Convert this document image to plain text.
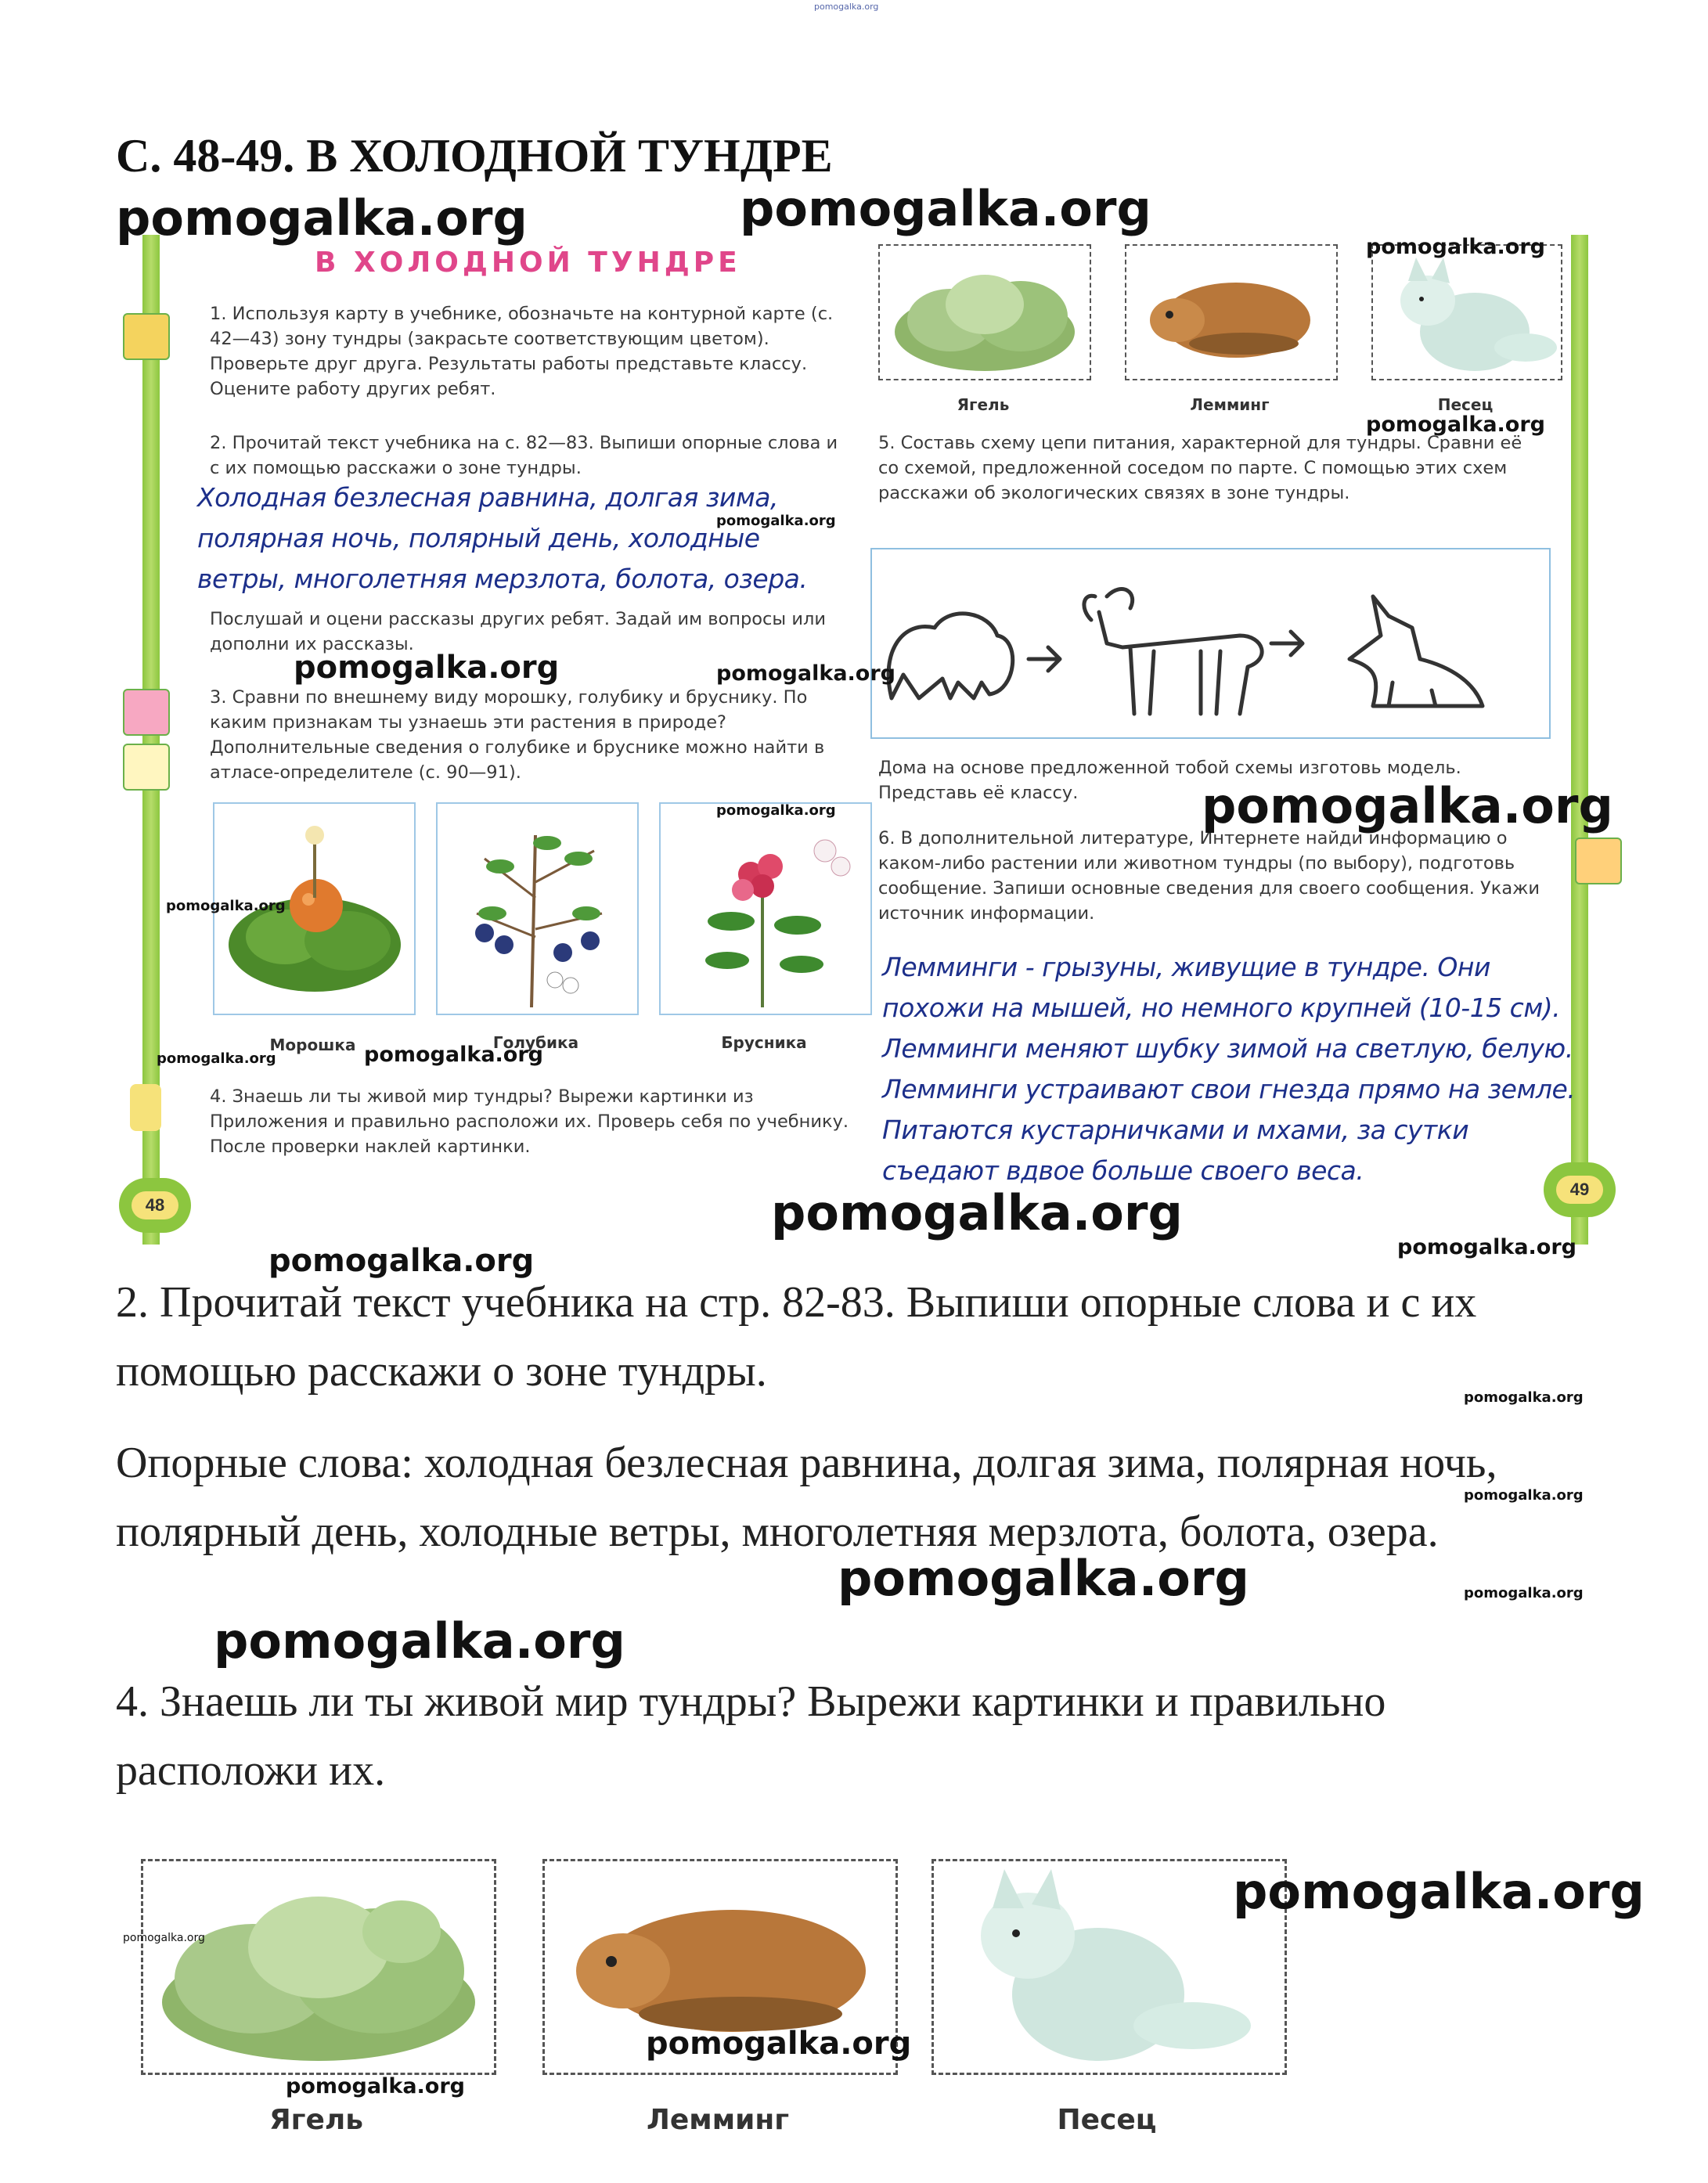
pomogalka.org
С. 48-49. В ХОЛОДНОЙ ТУНДРЕ
В ХОЛОДНОЙ ТУНДРЕ
1. Используя карту в учебнике, обозначьте на контурной карте (с. 42—43) зону тундры (закрасьте соответствующим цветом). Проверьте друг друга. Результаты работы представьте классу. Оцените работу других ребят.
2. Прочитай текст учебника на с. 82—83. Выпиши опорные слова и с их помощью расскажи о зоне тундры.
Холодная безлесная равнина, долгая зима, полярная ночь, полярный день, холодные ветры, многолетняя мерзлота, болота, озера.
Послушай и оцени рассказы других ребят. Задай им вопросы или дополни их рассказы.
3. Сравни по внешнему виду морошку, голубику и бруснику. По каким признакам ты узнаешь эти растения в природе? Дополнительные сведения о голубике и бруснике можно найти в атласе-определителе (с. 90—91).
Морошка	Голубика	Брусника
4. Знаешь ли ты живой мир тундры? Вырежи картинки из Приложения и правильно расположи их. Проверь себя по учебнику. После проверки наклей картинки.
48
49
Ягель	Лемминг	Песец
5. Составь схему цепи питания, характерной для тундры. Сравни её со схемой, предложенной соседом по парте. С помощью этих схем расскажи об экологических связях в зоне тундры.
Дома на основе предложенной тобой схемы изготовь модель. Представь её классу.
6. В дополнительной литературе, Интернете найди информацию о каком-либо растении или животном тундры (по выбору), подготовь сообщение. Запиши основные сведения для своего сообщения. Укажи источник информации.
Лемминги - грызуны, живущие в тундре. Они
похожи на мышей, но немного крупней (10-15 см).
Лемминги меняют шубку зимой на светлую, белую.
Лемминги устраивают свои гнезда прямо на земле.
Питаются кустарничками и мхами, за сутки
съедают вдвое больше своего веса.
2. Прочитай текст учебника на стр. 82-83. Выпиши опорные слова и с их помощью расскажи о зоне тундры.
Опорные слова: холодная безлесная равнина, долгая зима, полярная ночь, полярный день, холодные ветры, многолетняя мерзлота, болота, озера.
4. Знаешь ли ты живой мир тундры? Вырежи картинки и правильно расположи их.
Ягель	Лемминг	Песец
pomogalka.org	pomogalka.org
pomogalka.org
pomogalka.org
pomogalka.org
pomogalka.org	pomogalka.org
pomogalka.org	pomogalka.org
pomogalka.org
pomogalka.org	pomogalka.org
pomogalka.org
pomogalka.org	pomogalka.org
pomogalka.org
pomogalka.org
pomogalka.org	pomogalka.org
pomogalka.org
pomogalka.org
pomogalka.org
pomogalka.org
pomogalka.org
